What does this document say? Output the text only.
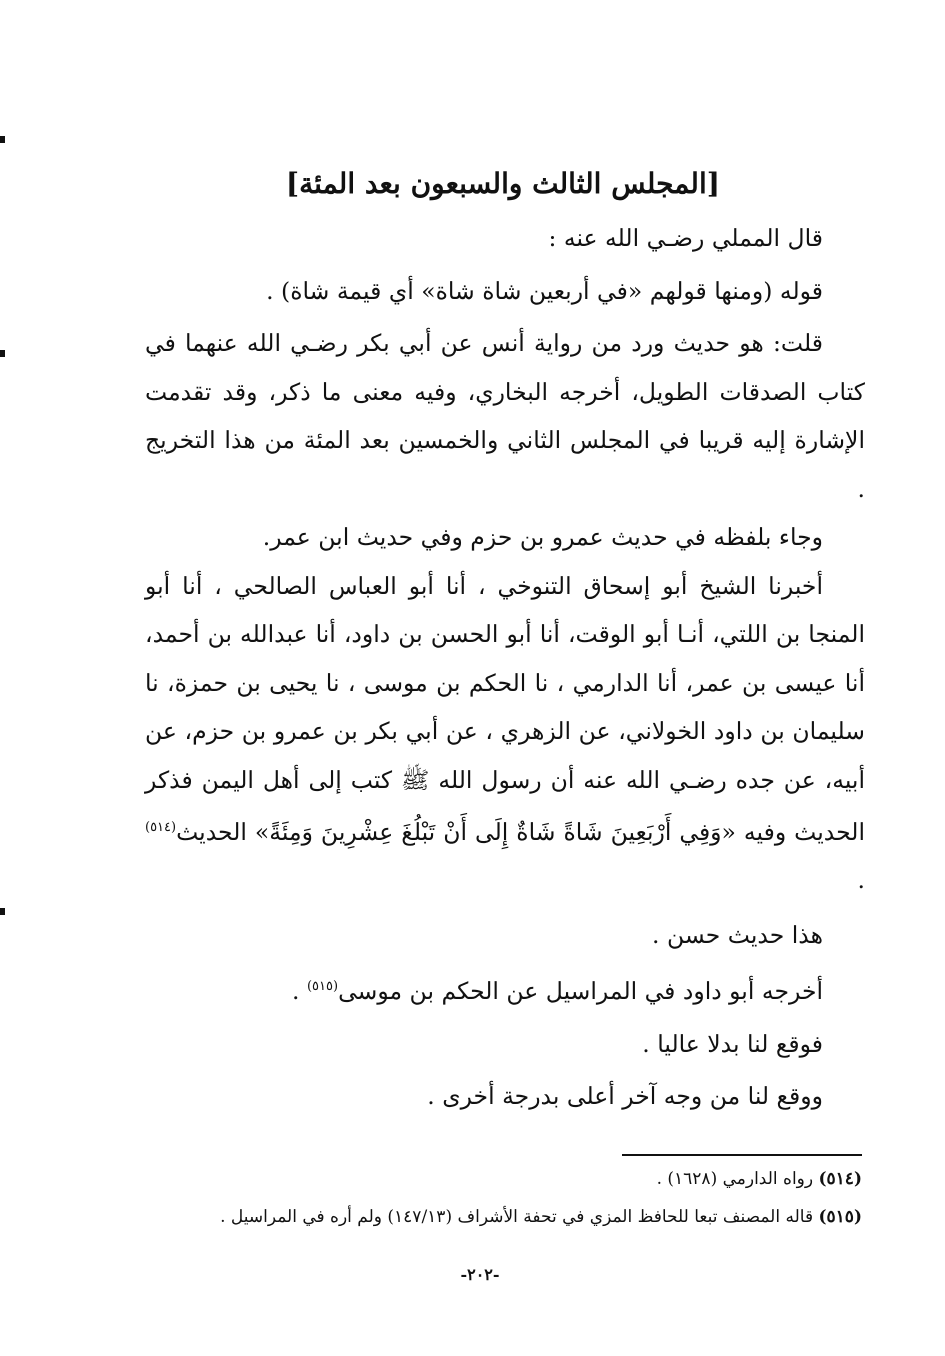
[المجلس الثالث والسبعون بعد المئة]

قال المملي رضـي الله عنه :

قوله (ومنها قولهم «في أربعين شاة شاة» أي قيمة شاة) .

قلت: هو حديث ورد من رواية أنس عن أبي بكر رضـي الله عنهما في كتاب الصدقات الطويل، أخرجه البخاري، وفيه معنى ما ذكر، وقد تقدمت الإشارة إليه قريبا في المجلس الثاني والخمسين بعد المئة من هذا التخريج .

وجاء بلفظه في حديث عمرو بن حزم وفي حديث ابن عمر.

أخبرنا الشيخ أبو إسحاق التنوخي ، أنا أبو العباس الصالحي ، أنا أبو المنجا بن اللتي، أنـا أبو الوقت، أنا أبو الحسن بن داود، أنا عبدالله بن أحمد، أنا عيسى بن عمر، أنا الدارمي ، نا الحكم بن موسى ، نا يحيى بن حمزة، نا سليمان بن داود الخولاني، عن الزهري ، عن أبي بكر بن عمرو بن حزم، عن أبيه، عن جده رضـي الله عنه أن رسول الله ﷺ كتب إلى أهل اليمن فذكر الحديث وفيه «وَفِي أَرْبَعِينَ شَاةً شَاةٌ إِلَى أَنْ تَبْلُغَ عِشْرِينَ وَمِئَةً» الحديث$^{(٥١٤)}$ .

هذا حديث حسن .

أخرجه أبو داود في المراسيل عن الحكم بن موسى$^{(٥١٥)}$ .

فوقع لنا بدلا عاليا .

ووقع لنا من وجه آخر أعلى بدرجة أخرى .

(٥١٤) رواه الدارمي (١٦٢٨) .
(٥١٥) قاله المصنف تبعا للحافظ المزي في تحفة الأشراف (١٤٧/١٣) ولم أره في المراسيل .
-٢٠٢-
